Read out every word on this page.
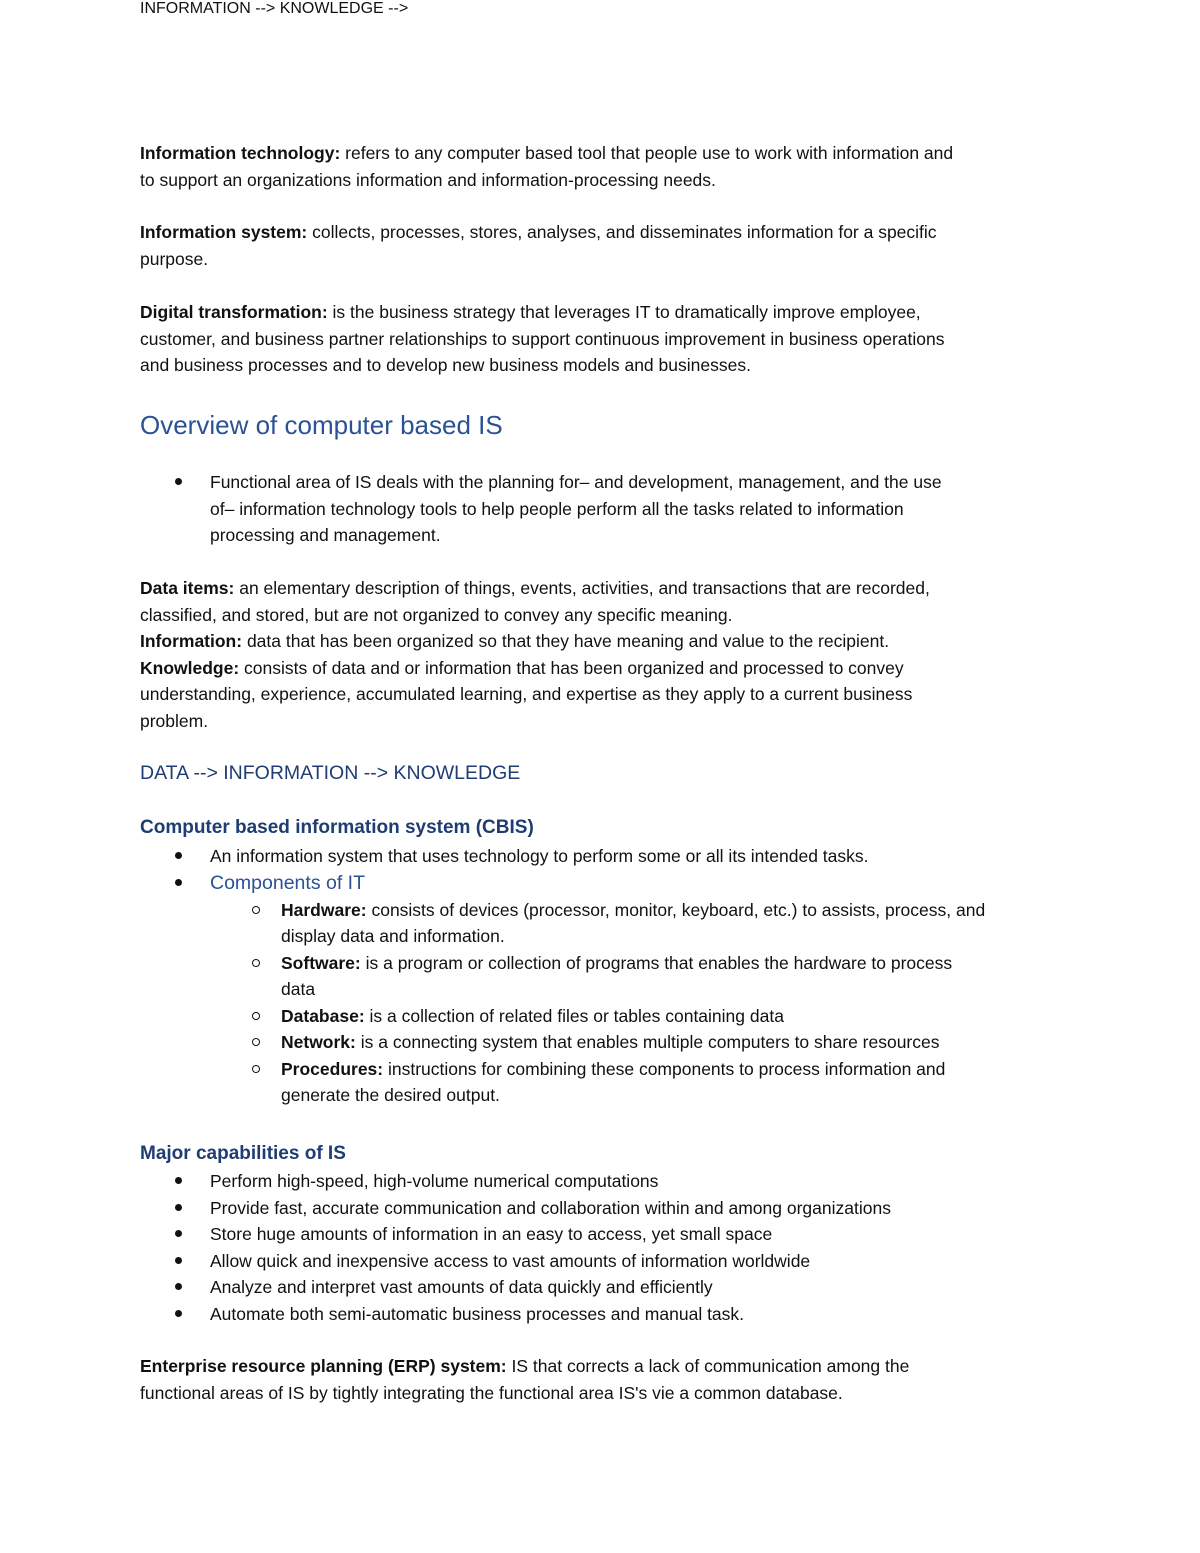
Information technology: refers to any computer based tool that people use to work with information and
to support an organizations information and information-processing needs.
Information system: collects, processes, stores, analyses, and disseminates information for a specific
purpose.
Digital transformation: is the business strategy that leverages IT to dramatically improve employee,
customer, and business partner relationships to support continuous improvement in business operations
and business processes and to develop new business models and businesses.
Overview of computer based IS
Functional area of IS deals with the planning for– and development, management, and the use
of– information technology tools to help people perform all the tasks related to information
processing and management.
Data items: an elementary description of things, events, activities, and transactions that are recorded,
classified, and stored, but are not organized to convey any specific meaning.
Information: data that has been organized so that they have meaning and value to the recipient.
Knowledge: consists of data and or information that has been organized and processed to convey
understanding, experience, accumulated learning, and expertise as they apply to a current business
problem.
INFORMATION --> KNOWLEDGE -->
DATA --> INFORMATION --> KNOWLEDGE
Computer based information system (CBIS)
An information system that uses technology to perform some or all its intended tasks.
Components of IT
Hardware: consists of devices (processor, monitor, keyboard, etc.) to assists, process, and
display data and information.
Software: is a program or collection of programs that enables the hardware to process
data
Database: is a collection of related files or tables containing data
Network: is a connecting system that enables multiple computers to share resources
Procedures: instructions for combining these components to process information and
generate the desired output.
Major capabilities of IS
Perform high-speed, high-volume numerical computations
Provide fast, accurate communication and collaboration within and among organizations
Store huge amounts of information in an easy to access, yet small space
Allow quick and inexpensive access to vast amounts of information worldwide
Analyze and interpret vast amounts of data quickly and efficiently
Automate both semi-automatic business processes and manual task.
Enterprise resource planning (ERP) system: IS that corrects a lack of communication among the
functional areas of IS by tightly integrating the functional area IS's vie a common database.
